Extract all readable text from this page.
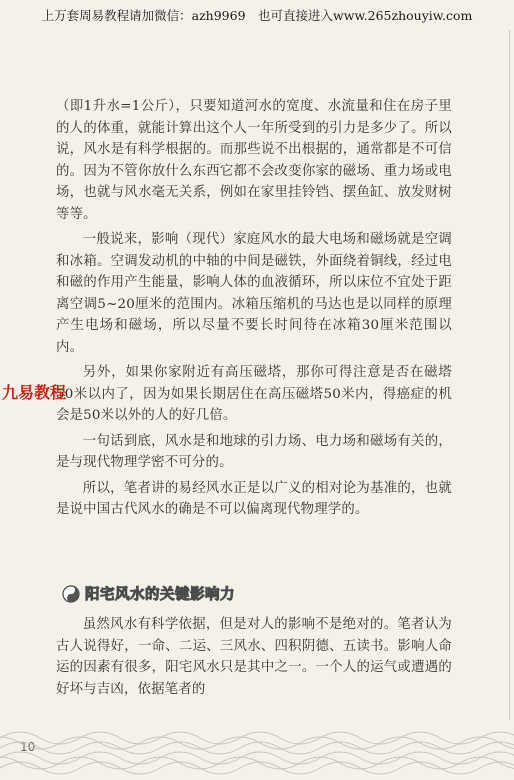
上万套周易教程请加微信：azh9969　也可直接进入www.265zhouyiw.com

（即1升水=1公斤），只要知道河水的宽度、水流量和住在房子里的人的体重，就能计算出这个人一年所受到的引力是多少了。所以说，风水是有科学根据的。而那些说不出根据的，通常都是不可信的。因为不管你放什么东西它都不会改变你家的磁场、重力场或电场，也就与风水毫无关系，例如在家里挂铃铛、摆鱼缸、放发财树等等。

一般说来，影响（现代）家庭风水的最大电场和磁场就是空调和冰箱。空调发动机的中轴的中间是磁铁，外面绕着铜线，经过电和磁的作用产生能量，影响人体的血液循环，所以床位不宜处于距离空调5~20厘米的范围内。冰箱压缩机的马达也是以同样的原理产生电场和磁场，所以尽量不要长时间待在冰箱30厘米范围以内。

另外，如果你家附近有高压磁塔，那你可得注意是否在磁塔50米以内了，因为如果长期居住在高压磁塔50米内，得癌症的机会是50米以外的人的好几倍。

一句话到底，风水是和地球的引力场、电力场和磁场有关的，是与现代物理学密不可分的。

所以，笔者讲的易经风水正是以广义的相对论为基准的，也就是说中国古代风水的确是不可以偏离现代物理学的。

九易教程
阳宅风水的关键影响力

虽然风水有科学依据，但是对人的影响不是绝对的。笔者认为古人说得好，一命、二运、三风水、四积阴德、五读书。影响人命运的因素有很多，阳宅风水只是其中之一。一个人的运气或遭遇的好坏与吉凶，依据笔者的

10
